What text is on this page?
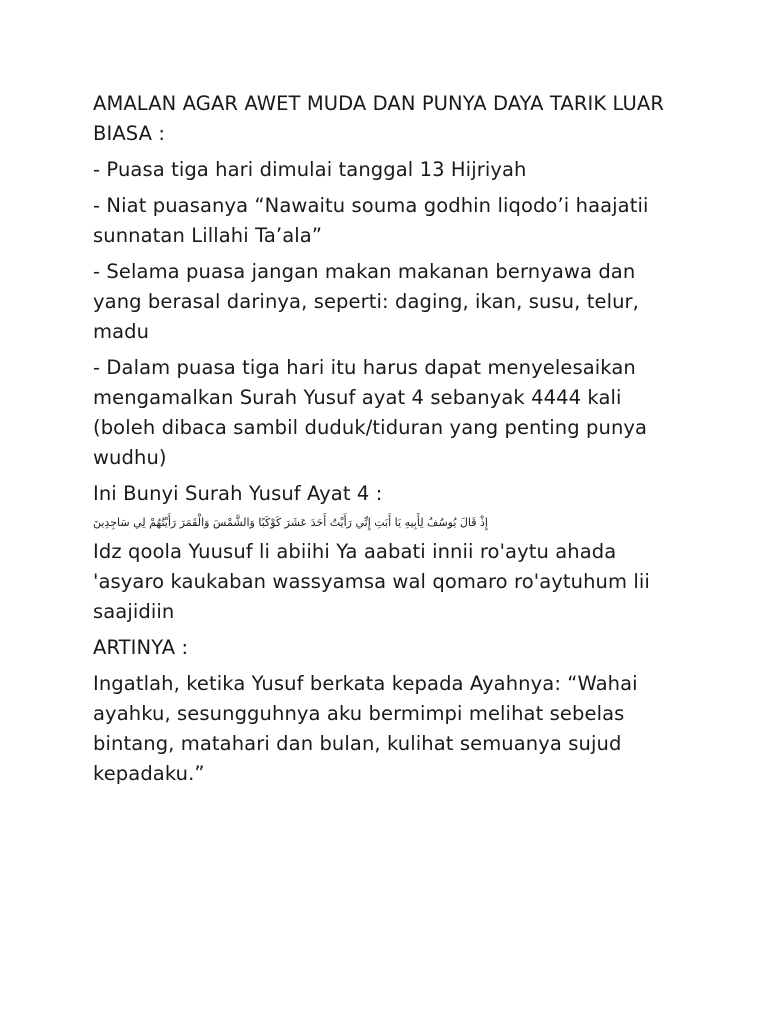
AMALAN AGAR AWET MUDA DAN PUNYA DAYA TARIK LUAR BIASA :

- Puasa tiga hari dimulai tanggal 13 Hijriyah

- Niat puasanya “Nawaitu souma godhin liqodo’i haajatii sunnatan Lillahi Ta’ala”

- Selama puasa jangan makan makanan bernyawa dan yang berasal darinya, seperti: daging, ikan, susu, telur, madu

- Dalam puasa tiga hari itu harus dapat menyelesaikan mengamalkan Surah Yusuf ayat 4 sebanyak 4444 kali (boleh dibaca sambil duduk/tiduran yang penting punya wudhu)

Ini Bunyi Surah Yusuf Ayat 4 :

إِذْ قَالَ يُوسُفُ لِأَبِيهِ يَا أَبَتِ إِنِّي رَأَيْتُ أَحَدَ عَشَرَ كَوْكَبًا وَالشَّمْسَ وَالْقَمَرَ رَأَيْتُهُمْ لِي سَاجِدِينَ

Idz qoola Yuusuf li abiihi Ya aabati innii ro'aytu ahada 'asyaro kaukaban wassyamsa wal qomaro ro'aytuhum lii saajidiin

ARTINYA :

Ingatlah, ketika Yusuf berkata kepada Ayahnya: “Wahai ayahku, sesungguhnya aku bermimpi melihat sebelas bintang, matahari dan bulan, kulihat semuanya sujud kepadaku.”
